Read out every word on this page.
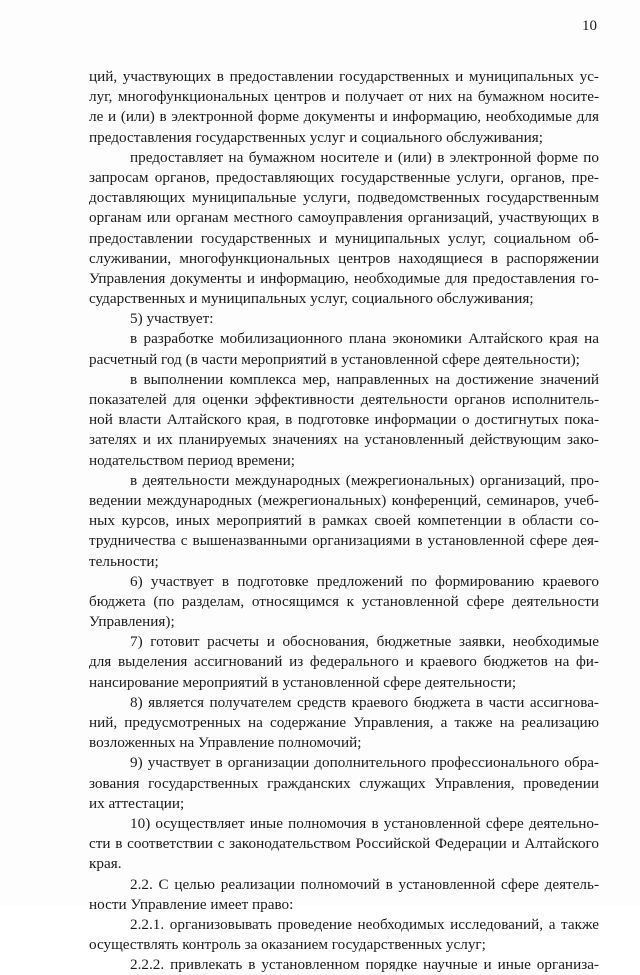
10
ций, участвующих в предоставлении государственных и муниципальных ус-
луг, многофункциональных центров и получает от них на бумажном носите-
ле и (или) в электронной форме документы и информацию, необходимые для
предоставления государственных услуг и социального обслуживания;
предоставляет на бумажном носителе и (или) в электронной форме по
запросам органов, предоставляющих государственные услуги, органов, пре-
доставляющих муниципальные услуги, подведомственных государственным
органам или органам местного самоуправления организаций, участвующих в
предоставлении государственных и муниципальных услуг, социальном об-
служивании, многофункциональных центров находящиеся в распоряжении
Управления документы и информацию, необходимые для предоставления го-
сударственных и муниципальных услуг, социального обслуживания;
5) участвует:
в разработке мобилизационного плана экономики Алтайского края на
расчетный год (в части мероприятий в установленной сфере деятельности);
в выполнении комплекса мер, направленных на достижение значений
показателей для оценки эффективности деятельности органов исполнитель-
ной власти Алтайского края, в подготовке информации о достигнутых пока-
зателях и их планируемых значениях на установленный действующим зако-
нодательством период времени;
в деятельности международных (межрегиональных) организаций, про-
ведении международных (межрегиональных) конференций, семинаров, учеб-
ных курсов, иных мероприятий в рамках своей компетенции в области со-
трудничества с вышеназванными организациями в установленной сфере дея-
тельности;
6) участвует в подготовке предложений по формированию краевого
бюджета (по разделам, относящимся к установленной сфере деятельности
Управления);
7) готовит расчеты и обоснования, бюджетные заявки, необходимые
для выделения ассигнований из федерального и краевого бюджетов на фи-
нансирование мероприятий в установленной сфере деятельности;
8) является получателем средств краевого бюджета в части ассигнова-
ний, предусмотренных на содержание Управления, а также на реализацию
возложенных на Управление полномочий;
9) участвует в организации дополнительного профессионального обра-
зования государственных гражданских служащих Управления, проведении
их аттестации;
10) осуществляет иные полномочия в установленной сфере деятельно-
сти в соответствии с законодательством Российской Федерации и Алтайского
края.
2.2. С целью реализации полномочий в установленной сфере деятель-
ности Управление имеет право:
2.2.1. организовывать проведение необходимых исследований, а также
осуществлять контроль за оказанием государственных услуг;
2.2.2. привлекать в установленном порядке научные и иные организа-
